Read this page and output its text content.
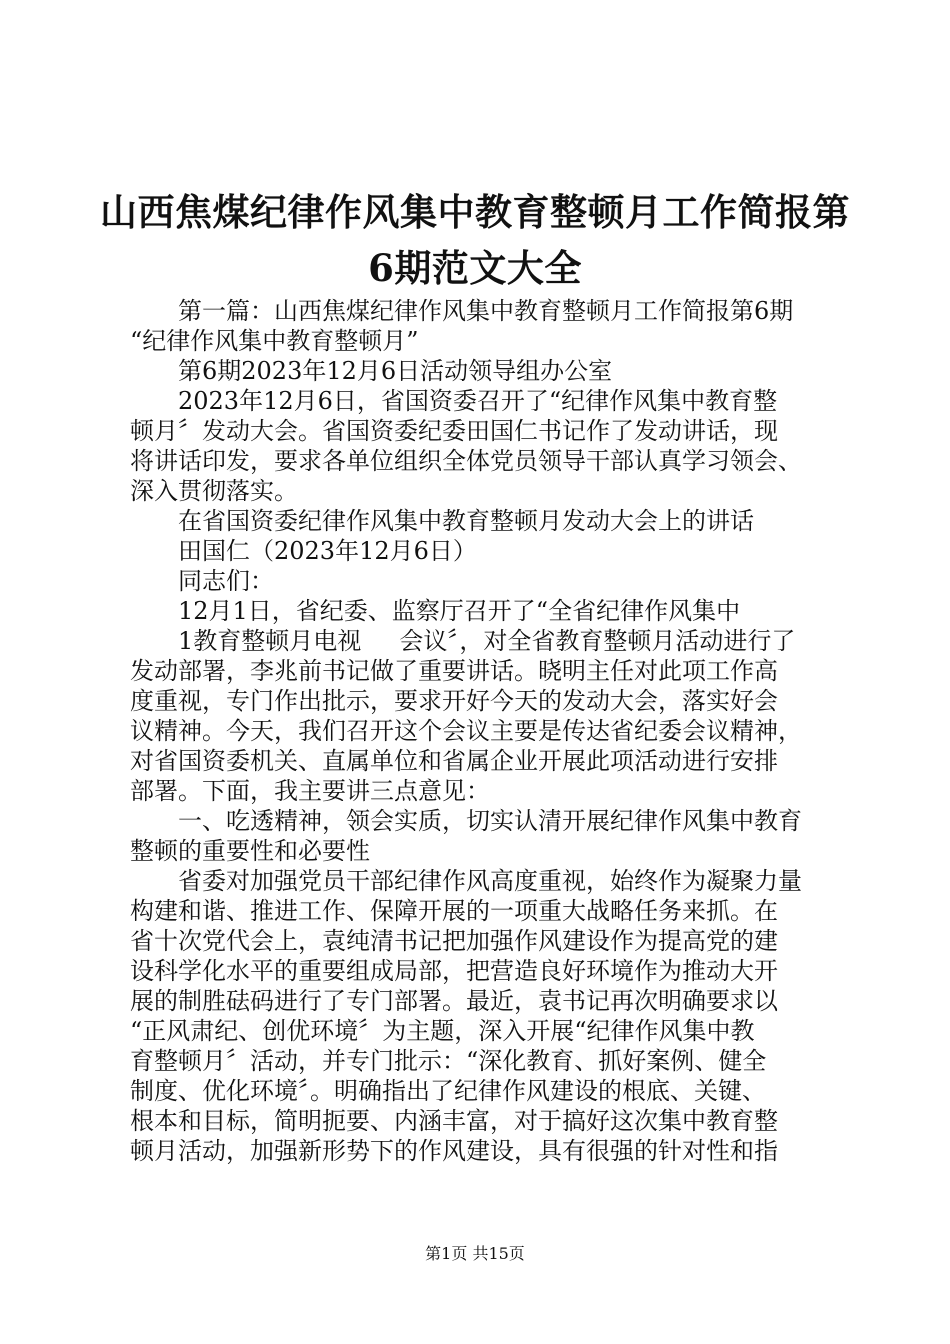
山西焦煤纪律作风集中教育整顿月工作简报第
6期范文大全
第一篇：山西焦煤纪律作风集中教育整顿月工作简报第6期
“纪律作风集中教育整顿月”
第6期2023年12月6日活动领导组办公室
2023年12月6日，省国资委召开了“纪律作风集中教育整
顿月〞发动大会。省国资委纪委田国仁书记作了发动讲话，现
将讲话印发，要求各单位组织全体党员领导干部认真学习领会、
深入贯彻落实。
在省国资委纪律作风集中教育整顿月发动大会上的讲话
田国仁（2023年12月6日）
同志们：
12月1日，省纪委、监察厅召开了“全省纪律作风集中
1教育整顿月电视     会议〞，对全省教育整顿月活动进行了
发动部署，李兆前书记做了重要讲话。晓明主任对此项工作高
度重视，专门作出批示，要求开好今天的发动大会，落实好会
议精神。今天，我们召开这个会议主要是传达省纪委会议精神，
对省国资委机关、直属单位和省属企业开展此项活动进行安排
部署。下面，我主要讲三点意见：
一、吃透精神，领会实质，切实认清开展纪律作风集中教育
整顿的重要性和必要性
省委对加强党员干部纪律作风高度重视，始终作为凝聚力量
构建和谐、推进工作、保障开展的一项重大战略任务来抓。在
省十次党代会上，袁纯清书记把加强作风建设作为提高党的建
设科学化水平的重要组成局部，把营造良好环境作为推动大开
展的制胜砝码进行了专门部署。最近，袁书记再次明确要求以
“正风肃纪、创优环境〞为主题，深入开展“纪律作风集中教
育整顿月〞活动，并专门批示：“深化教育、抓好案例、健全
制度、优化环境〞。明确指出了纪律作风建设的根底、关键、
根本和目标，简明扼要、内涵丰富，对于搞好这次集中教育整
顿月活动，加强新形势下的作风建设，具有很强的针对性和指
第1页 共15页
